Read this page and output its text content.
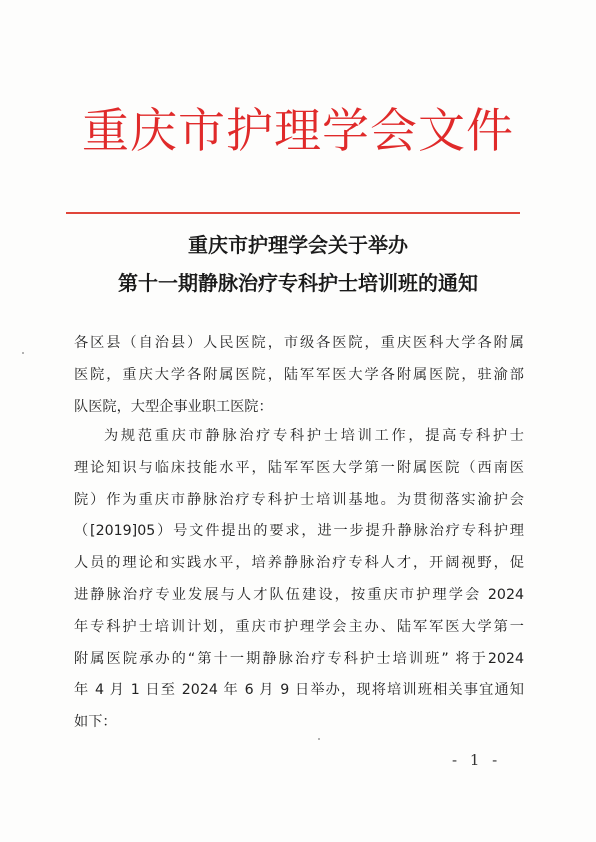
重庆市护理学会文件
重庆市护理学会关于举办
第十一期静脉治疗专科护士培训班的通知
各区县（自治县）人民医院，市级各医院，重庆医科大学各附属
医院，重庆大学各附属医院，陆军军医大学各附属医院，驻渝部
队医院，大型企事业职工医院：
为规范重庆市静脉治疗专科护士培训工作，提高专科护士
理论知识与临床技能水平，陆军军医大学第一附属医院（西南医
院）作为重庆市静脉治疗专科护士培训基地。为贯彻落实渝护会
（[2019]05）号文件提出的要求，进一步提升静脉治疗专科护理
人员的理论和实践水平，培养静脉治疗专科人才，开阔视野，促
进静脉治疗专业发展与人才队伍建设，按重庆市护理学会 2024
年专科护士培训计划，重庆市护理学会主办、陆军军医大学第一
附属医院承办的“第十一期静脉治疗专科护士培训班” 将于2024
年 4 月 1 日至 2024 年 6 月 9 日举办，现将培训班相关事宜通知
如下：
- 1 -
